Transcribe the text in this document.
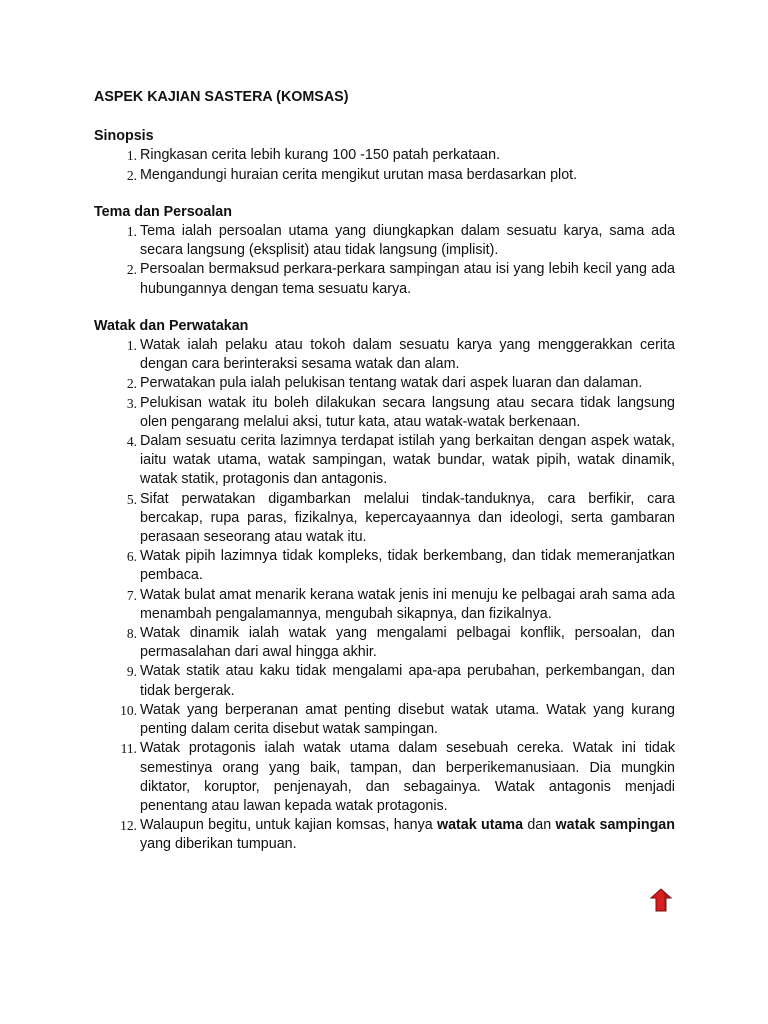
ASPEK KAJIAN SASTERA (KOMSAS)

Sinopsis

1 . Ringkasan cerita lebih kurang 100 -150 patah perkataan.
2 . Mengandungi huraian cerita mengikut urutan masa berdasarkan plot.

Tema dan Persoalan

1 . Tema ialah persoalan utama yang diungkapkan dalam sesuatu karya, sama ada secara langsung (eksplisit) atau tidak langsung (implisit).
2 . Persoalan bermaksud perkara-perkara sampingan atau isi yang lebih kecil yang ada hubungannya dengan tema sesuatu karya.

Watak dan Perwatakan

1 . Watak ialah pelaku atau tokoh dalam sesuatu karya yang menggerakkan cerita dengan cara berinteraksi sesama watak dan alam.
2 . Perwatakan pula ialah pelukisan tentang watak dari aspek luaran dan dalaman.
3 . Pelukisan watak itu boleh dilakukan secara langsung atau secara tidak langsung olen pengarang melalui aksi, tutur kata, atau watak-watak berkenaan.
4 . Dalam sesuatu cerita lazimnya terdapat istilah yang berkaitan dengan aspek watak, iaitu watak utama, watak sampingan, watak bundar, watak pipih, watak dinamik, watak statik, protagonis dan antagonis.
5 . Sifat perwatakan digambarkan melalui tindak-tanduknya, cara berfikir, cara bercakap, rupa paras, fizikalnya, kepercayaannya dan ideologi, serta gambaran perasaan seseorang atau watak itu.
6 . Watak pipih lazimnya tidak kompleks, tidak berkembang, dan tidak memeranjatkan pembaca.
7 . Watak bulat amat menarik kerana watak jenis ini menuju ke pelbagai arah sama ada menambah pengalamannya, mengubah sikapnya, dan fizikalnya.
8 . Watak dinamik ialah watak yang mengalami pelbagai konflik, persoalan, dan permasalahan dari awal hingga akhir.
9 . Watak statik atau kaku tidak mengalami apa-apa perubahan, perkembangan, dan tidak bergerak.
10 . Watak yang berperanan amat penting disebut watak utama. Watak yang kurang penting dalam cerita disebut watak sampingan.
11 . Watak protagonis ialah watak utama dalam sesebuah cereka. Watak ini tidak semestinya orang yang baik, tampan, dan berperikemanusiaan. Dia mungkin diktator, koruptor, penjenayah, dan sebagainya. Watak antagonis menjadi penentang atau lawan kepada watak protagonis.
12 . Walaupun begitu, untuk kajian komsas, hanya watak utama dan watak sampingan yang diberikan tumpuan.
